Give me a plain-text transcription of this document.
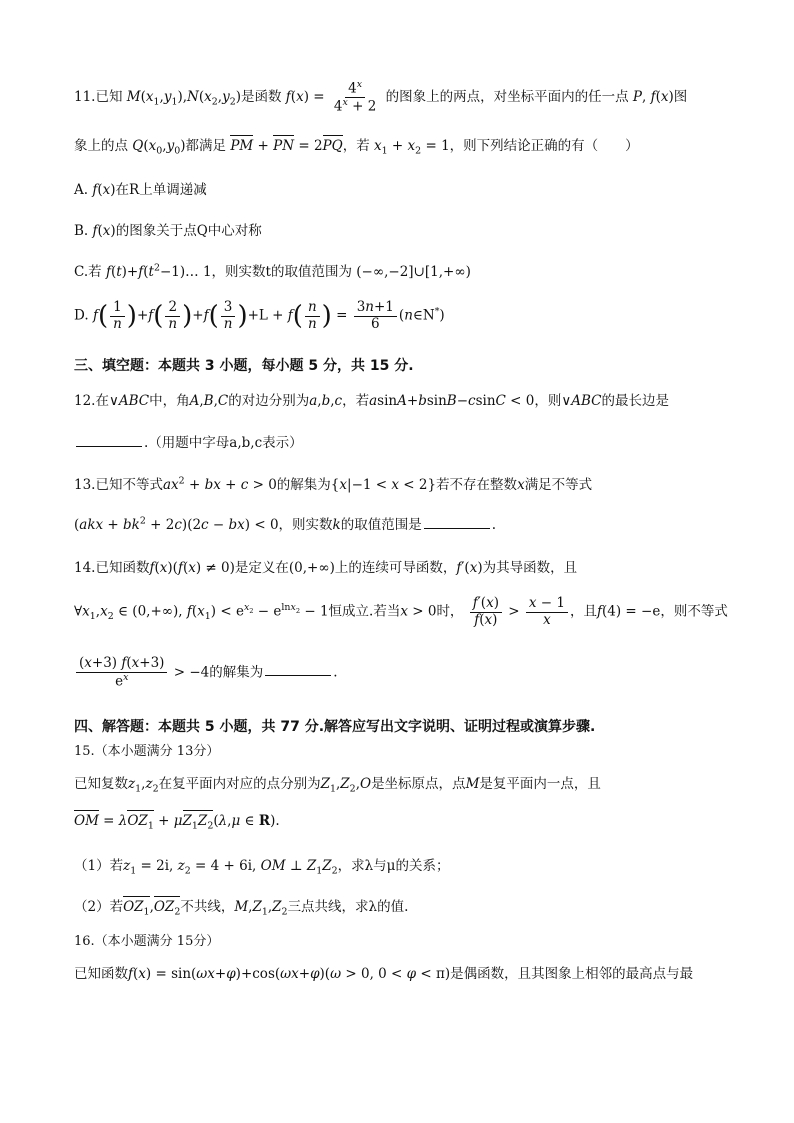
11.已知 $M(x_1,y_1),N(x_2,y_2)$是函数 $f(x) = \frac{4^x}{4^x + 2}$ 的图象上的两点，对坐标平面内的任一点 P, f(x)图
象上的点 $Q(x_0,y_0)$都满足 PM + PN = 2PQ，若 $x_1 + x_2 = 1$，则下列结论正确的有（　　）
A. f(x)在R上单调递减
B. f(x)的图象关于点Q中心对称
C.若 $f(t)+f(t^2-1)\dots$ 1，则实数t的取值范围为 (−∞,−2]∪[1,+∞)
D. $f( \frac{1}{n} )+f( \frac{2}{n} )+f( \frac{3}{n} )+L + f( \frac{n}{n}$ ) = $\frac{3n+1}{6}$ (n∈N*)
三、填空题：本题共 3 小题，每小题 5 分，共 15 分.
12.在∨ABC中，角A,B,C的对边分别为a,b,c，若asinA+bsinB−csinC < 0，则∨ABC的最长边是
.（用题中字母a,b,c表示）
13.已知不等式$ax^2$ + bx + c > 0的解集为{x|−1 < x < 2}若不存在整数x满足不等式
$(akx + bk^2 + 2c)(2c - bx) < 0$，则实数k的取值范围是	.
14.已知函数f(x)(f(x) ≠ 0)是定义在(0,+∞)上的连续可导函数，f′(x)为其导函数，且
$\forall x_1,x_2$ ∈ (0,+∞), $f(x_1) < e^{x_2} - e^{lnx_2} - 1$恒成立.若当x > 0时， $\frac{f'(x)}{f(x)} > \frac{x - 1}{x}$ ，且f(4) = −e，则不等式
$\frac{(x+3) f(x+3)}{e^x} > -4$的解集为	.
四、解答题：本题共 5 小题，共 77 分.解答应写出文字说明、证明过程或演算步骤.
15.（本小题满分 13分）
已知复数$z_1,z_2$在复平面内对应的点分别为$Z_1,Z_2,O$是坐标原点，点M是复平面内一点，且
OM = $\lambda OZ_1 + \mu Z_1Z_2(\lambda,\mu$ ∈ R).
（1）若$z_1 = 2i$, $z_2 = 4 + 6i$, OM ⊥ $Z_1Z_2$，求λ与μ的关系；
（2）若$OZ_1,OZ_2$不共线，$M,Z_1,Z_2$三点共线，求λ的值.
16.（本小题满分 15分）
已知函数f(x) = sin(ωx+φ)+cos(ωx+φ)(ω > 0, 0 < φ < π)是偶函数，且其图象上相邻的最高点与最
